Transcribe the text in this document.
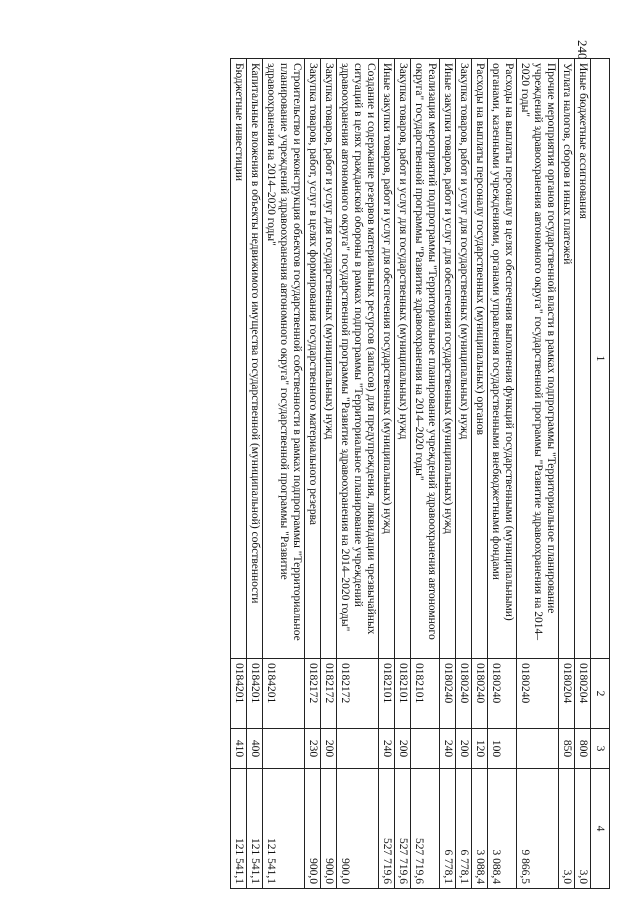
240
1	2	3	4
Иные бюджетные ассигнования	0180204	800	3,0
Уплата налогов, сборов и иных платежей	0180204	850	3,0
Прочие мероприятия органов государственной власти в рамках подпрограммы "Территориальное планирование учреждений здравоохранения автономного округа" государственной программы "Развитие здравоохранения на 2014–2020 годы"	0180240		9 866,5
Расходы на выплаты персоналу в целях обеспечения выполнения функций государственными (муниципальными) органами, казенными учреждениями, органами управления государственными внебюджетными фондами	0180240	100	3 088,4
Расходы на выплаты персоналу государственных (муниципальных) органов	0180240	120	3 088,4
Закупка товаров, работ и услуг для государственных (муниципальных) нужд	0180240	200	6 778,1
Иные закупки товаров, работ и услуг для обеспечения государственных (муниципальных) нужд	0180240	240	6 778,1
Реализация мероприятий подпрограммы "Территориальное планирование учреждений здравоохранения автономного округа" государственной программы "Развитие здравоохранения на 2014–2020 годы"	0182101		527 719,6
Закупка товаров, работ и услуг для государственных (муниципальных) нужд	0182101	200	527 719,6
Иные закупки товаров, работ и услуг для обеспечения государственных (муниципальных) нужд	0182101	240	527 719,6
Создание и содержание резервов материальных ресурсов (запасов) для предупреждения, ликвидации чрезвычайных ситуаций в целях гражданской обороны в рамках подпрограммы "Территориальное планирование учреждений здравоохранения автономного округа" государственной программы "Развитие здравоохранения на 2014–2020 годы"	0182172		900,0
Закупка товаров, работ и услуг для государственных (муниципальных) нужд	0182172	200	900,0
Закупка товаров, работ, услуг в целях формирования государственного материального резерва	0182172	230	900,0
Строительство и реконструкция объектов государственной собственности в рамках подпрограммы "Территориальное планирование учреждений здравоохранения автономного округа" государственной программы "Развитие здравоохранения на 2014–2020 годы"	0184201		121 541,1
Капитальные вложения в объекты недвижимого имущества государственной (муниципальной) собственности	0184201	400	121 541,1
Бюджетные инвестиции	0184201	410	121 541,1
